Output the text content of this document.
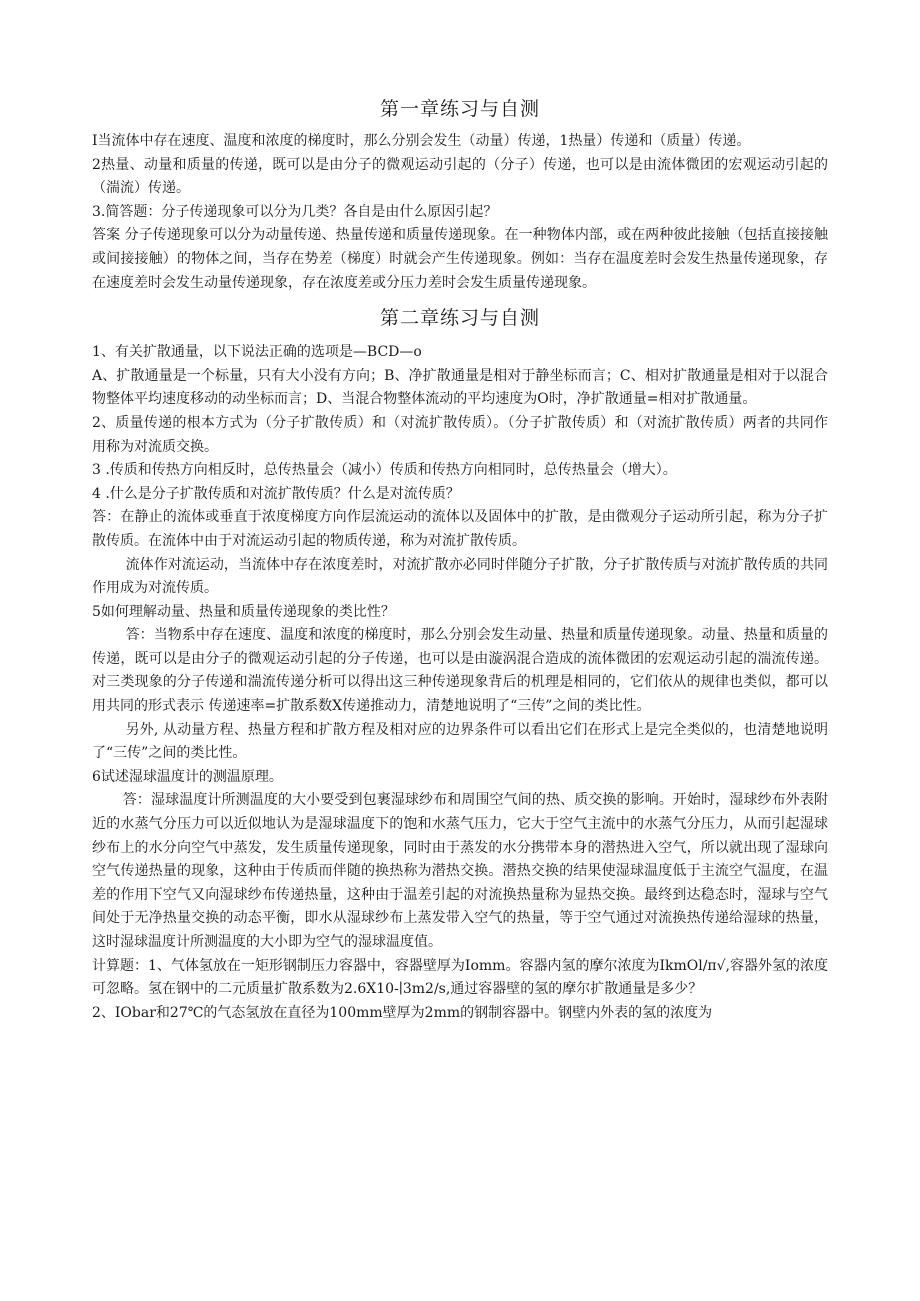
第一章练习与自测

I当流体中存在速度、温度和浓度的梯度时，那么分别会发生（动量）传递，1热量）传递和（质量）传递。

2热量、动量和质量的传递，既可以是由分子的微观运动引起的（分子）传递，也可以是由流体微团的宏观运动引起的（湍流）传递。

3.简答题：分子传递现象可以分为几类？各自是由什么原因引起？

答案 分子传递现象可以分为动量传递、热量传递和质量传递现象。在一种物体内部，或在两种彼此接触（包括直接接触或间接接触）的物体之间，当存在势差（梯度）时就会产生传递现象。例如：当存在温度差时会发生热量传递现象，存在速度差时会发生动量传递现象，存在浓度差或分压力差时会发生质量传递现象。

第二章练习与自测

1、有关扩散通量，以下说法正确的选项是—BCD—o

A、扩散通量是一个标量，只有大小没有方向；B、净扩散通量是相对于静坐标而言；C、相对扩散通量是相对于以混合物整体平均速度移动的动坐标而言；D、当混合物整体流动的平均速度为O时，净扩散通量=相对扩散通量。

2、质量传递的根本方式为（分子扩散传质）和（对流扩散传质）。（分子扩散传质）和（对流扩散传质）两者的共同作用称为对流质交换。

3 .传质和传热方向相反时，总传热量会（减小）传质和传热方向相同时，总传热量会（增大）。

4 .什么是分子扩散传质和对流扩散传质？什么是对流传质？

答：在静止的流体或垂直于浓度梯度方向作层流运动的流体以及固体中的扩散，是由微观分子运动所引起，称为分子扩散传质。在流体中由于对流运动引起的物质传递，称为对流扩散传质。

流体作对流运动，当流体中存在浓度差时，对流扩散亦必同时伴随分子扩散，分子扩散传质与对流扩散传质的共同作用成为对流传质。

5如何理解动量、热量和质量传递现象的类比性？

答：当物系中存在速度、温度和浓度的梯度时，那么分别会发生动量、热量和质量传递现象。动量、热量和质量的传递，既可以是由分子的微观运动引起的分子传递，也可以是由漩涡混合造成的流体微团的宏观运动引起的湍流传递。对三类现象的分子传递和湍流传递分析可以得出这三种传递现象背后的机理是相同的，它们依从的规律也类似，都可以用共同的形式表示 传递速率=扩散系数X传递推动力，清楚地说明了“三传”之间的类比性。

另外, 从动量方程、热量方程和扩散方程及相对应的边界条件可以看出它们在形式上是完全类似的，也清楚地说明了“三传”之间的类比性。

6试述湿球温度计的测温原理。

答：湿球温度计所测温度的大小要受到包裹湿球纱布和周围空气间的热、质交换的影响。开始时，湿球纱布外表附近的水蒸气分压力可以近似地认为是湿球温度下的饱和水蒸气压力，它大于空气主流中的水蒸气分压力，从而引起湿球纱布上的水分向空气中蒸发，发生质量传递现象，同时由于蒸发的水分携带本身的潜热进入空气，所以就出现了湿球向空气传递热量的现象，这种由于传质而伴随的换热称为潜热交换。潜热交换的结果使湿球温度低于主流空气温度，在温差的作用下空气又向湿球纱布传递热量，这种由于温差引起的对流换热量称为显热交换。最终到达稳态时，湿球与空气间处于无净热量交换的动态平衡，即水从湿球纱布上蒸发带入空气的热量，等于空气通过对流换热传递给湿球的热量，这时湿球温度计所测温度的大小即为空气的湿球温度值。

计算题：1、气体氢放在一矩形钢制压力容器中，容器壁厚为Iomm。容器内氢的摩尔浓度为IkmOl∕π√,容器外氢的浓度可忽略。氢在钢中的二元质量扩散系数为2.6X10-∣3m2∕s,通过容器壁的氢的摩尔扩散通量是多少？

2、IObar和27℃的气态氢放在直径为100mm壁厚为2mm的钢制容器中。钢壁内外表的氢的浓度为
